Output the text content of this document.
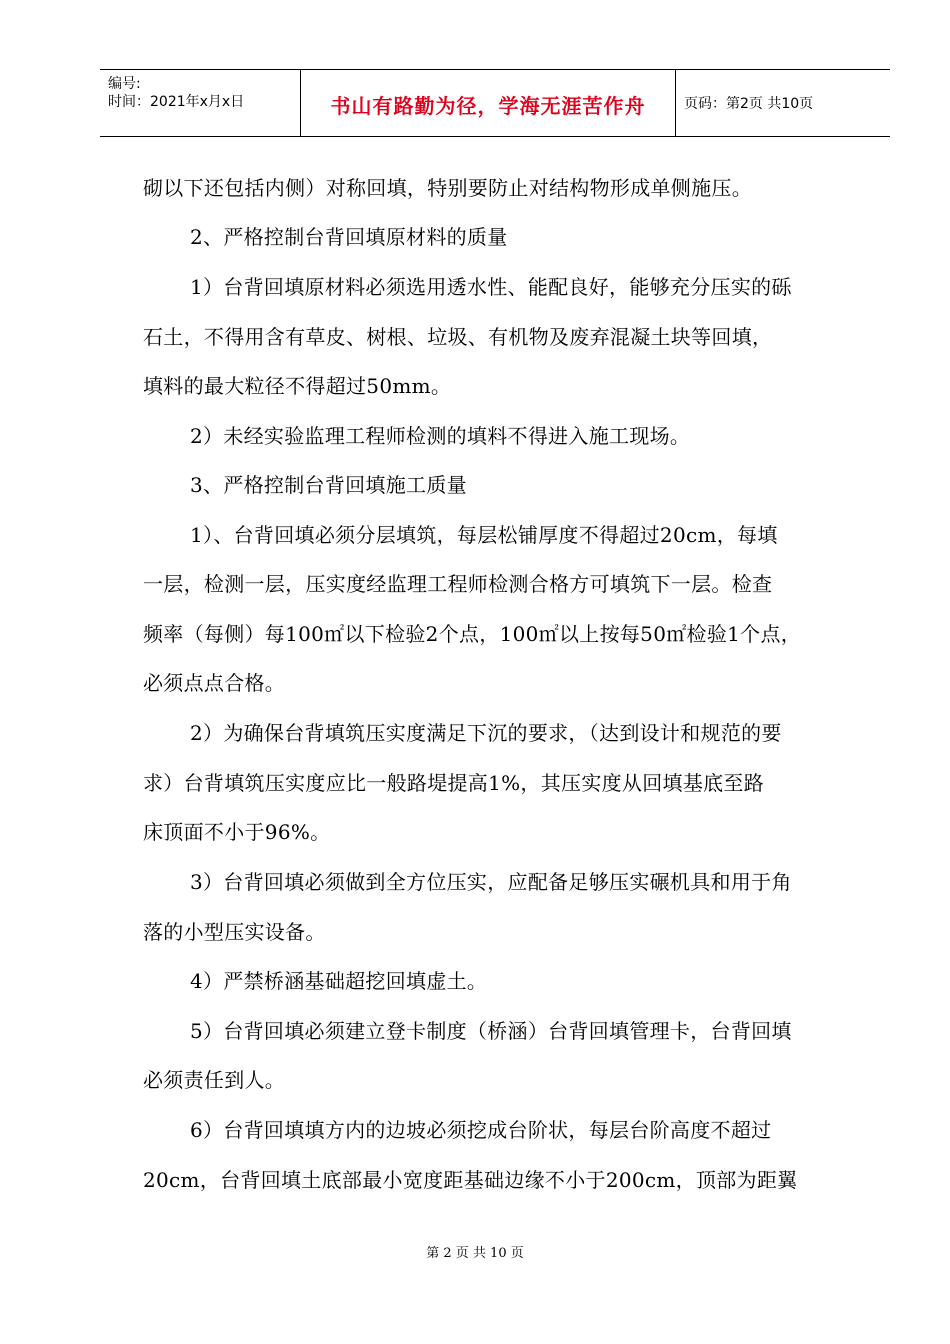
编号:
时间：2021年x月x日	书山有路勤为径，学海无涯苦作舟	页码：第2页 共10页
砌以下还包括内侧）对称回填，特别要防止对结构物形成单侧施压。
2、严格控制台背回填原材料的质量
1）台背回填原材料必须选用透水性、能配良好，能够充分压实的砾
石土，不得用含有草皮、树根、垃圾、有机物及废弃混凝土块等回填，
填料的最大粒径不得超过50mm。
2）未经实验监理工程师检测的填料不得进入施工现场。
3、严格控制台背回填施工质量
1）、台背回填必须分层填筑，每层松铺厚度不得超过20cm，每填
一层，检测一层，压实度经监理工程师检测合格方可填筑下一层。检查
频率（每侧）每100㎡以下检验2个点，100㎡以上按每50㎡检验1个点，
必须点点合格。
2）为确保台背填筑压实度满足下沉的要求，（达到设计和规范的要
求）台背填筑压实度应比一般路堤提高1%，其压实度从回填基底至路
床顶面不小于96%。
3）台背回填必须做到全方位压实，应配备足够压实碾机具和用于角
落的小型压实设备。
4）严禁桥涵基础超挖回填虚土。
5）台背回填必须建立登卡制度（桥涵）台背回填管理卡，台背回填
必须责任到人。
6）台背回填填方内的边坡必须挖成台阶状，每层台阶高度不超过
20cm，台背回填土底部最小宽度距基础边缘不小于200cm，顶部为距翼
第 2 页 共 10 页
